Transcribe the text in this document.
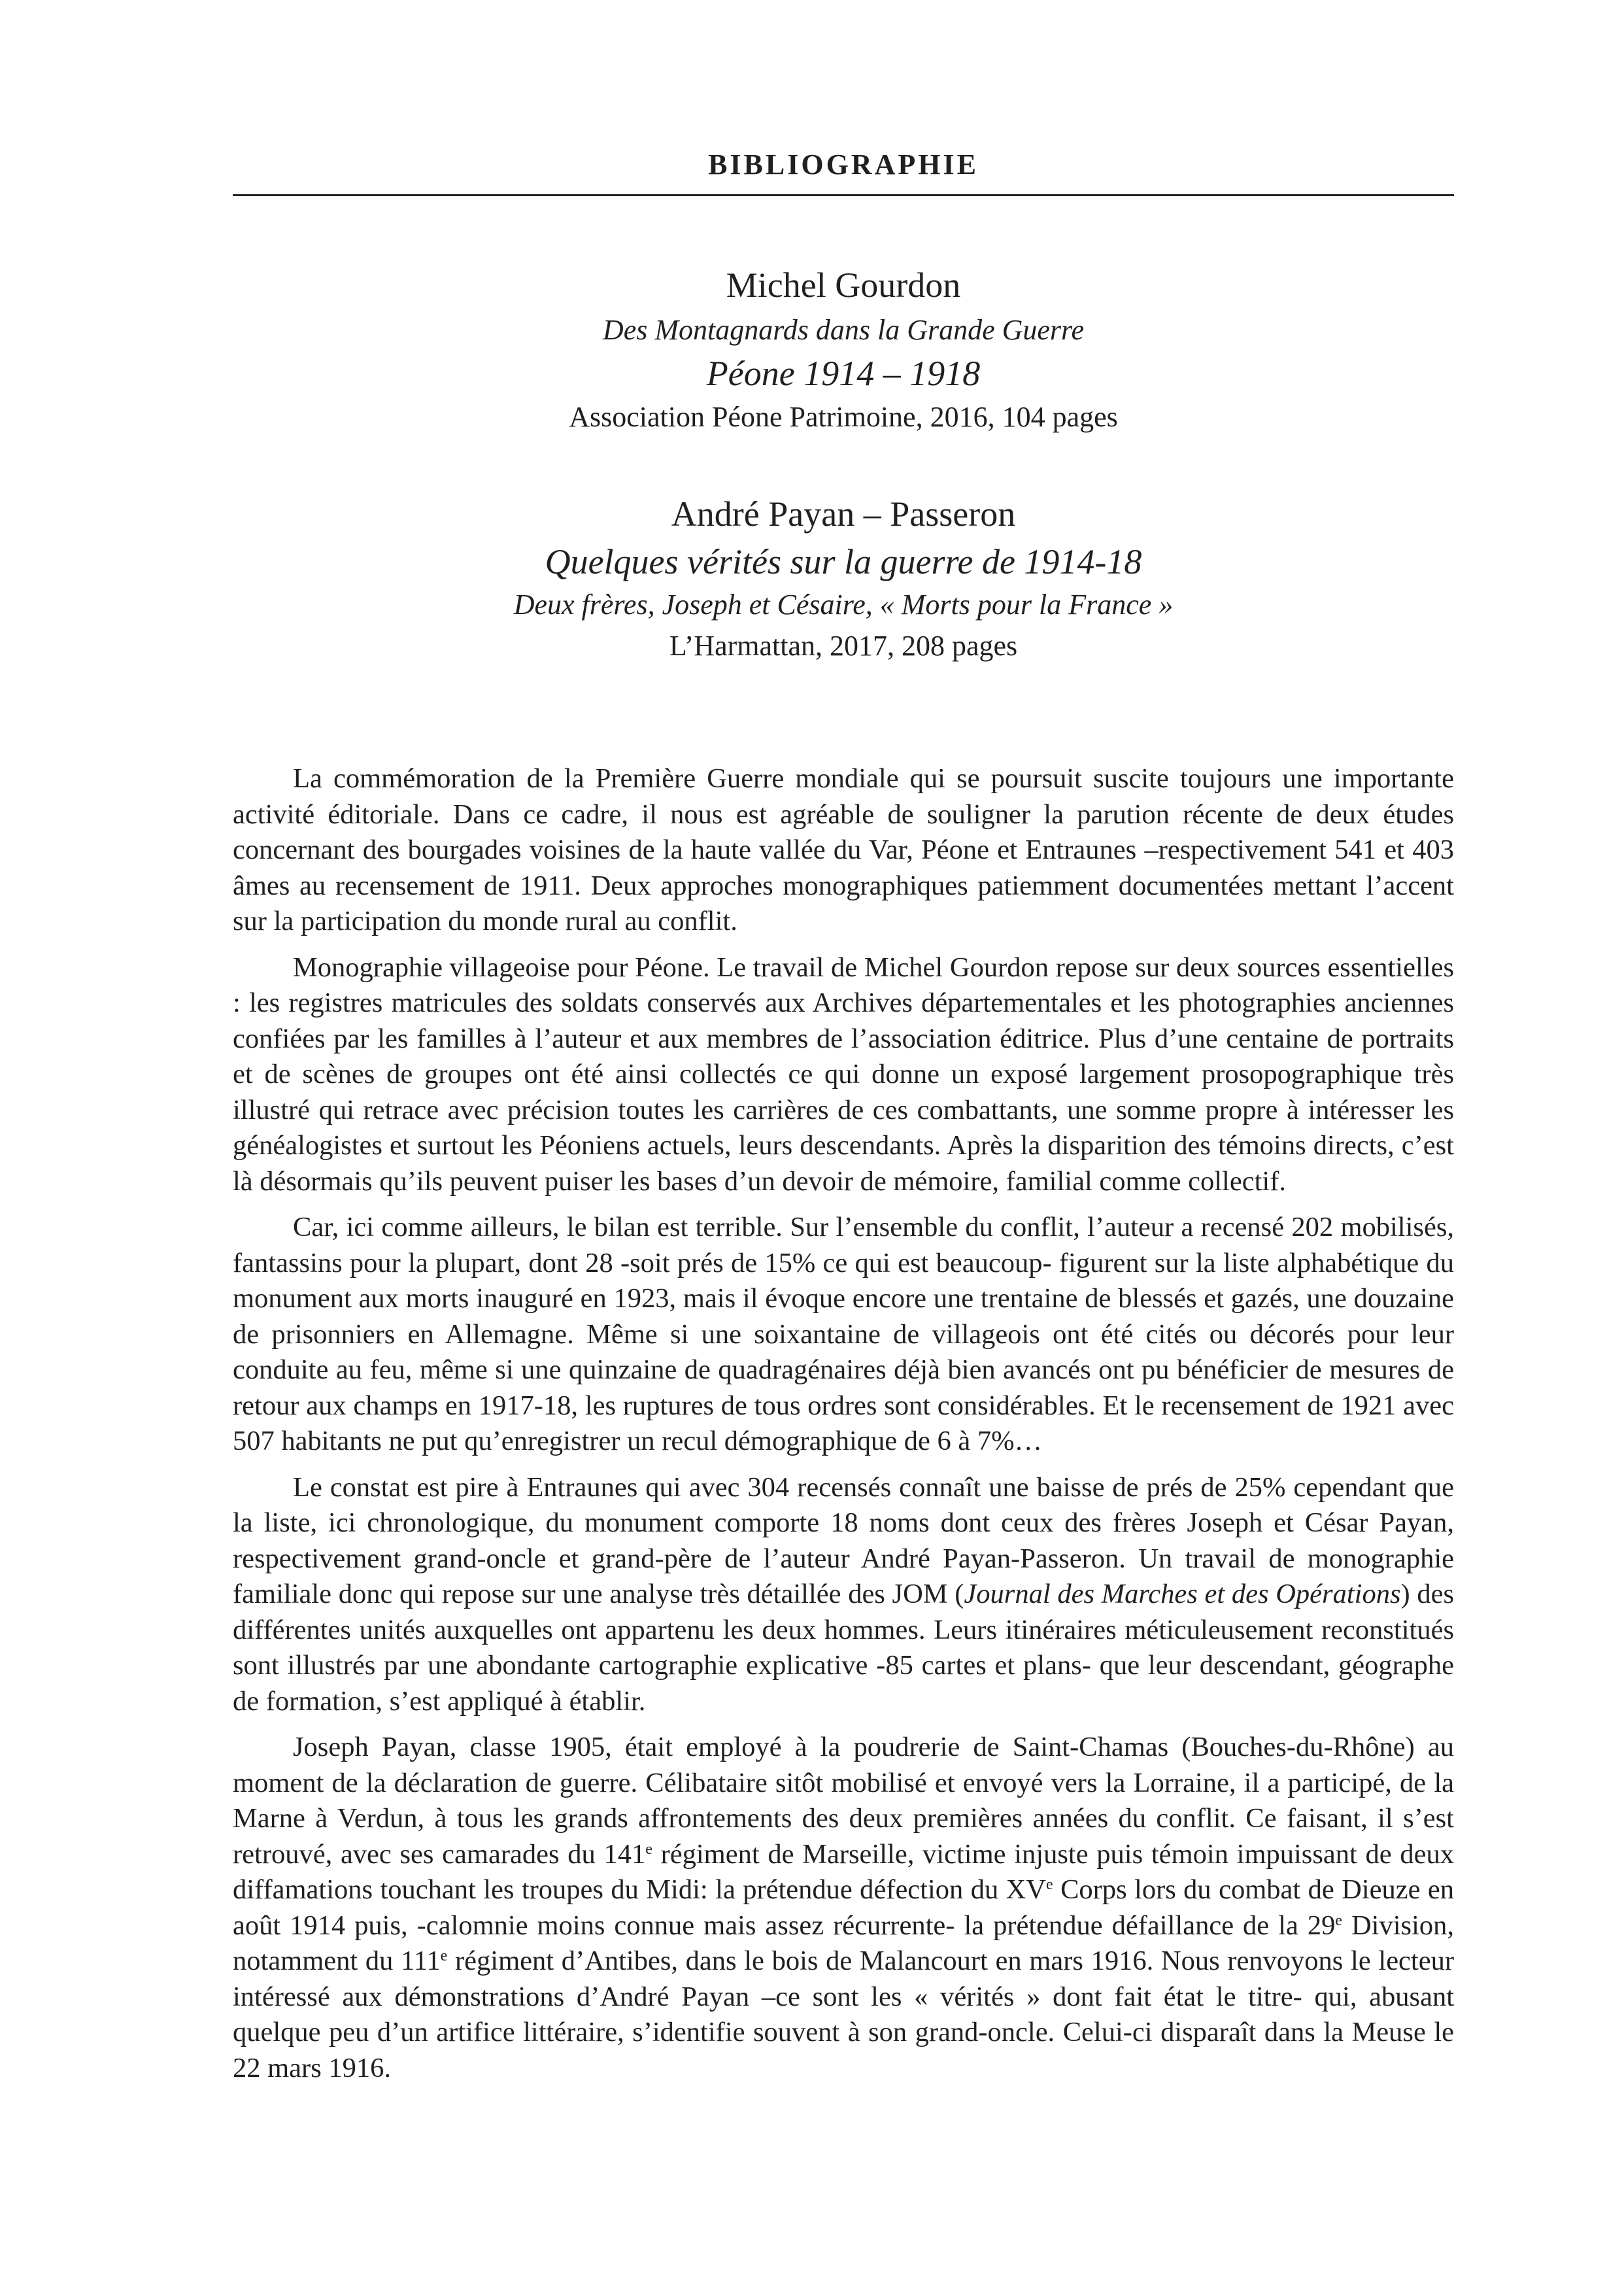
BIBLIOGRAPHIE
Michel Gourdon
Des Montagnards dans la Grande Guerre
Péone 1914 – 1918
Association Péone Patrimoine, 2016, 104 pages
André Payan – Passeron
Quelques vérités sur la guerre de 1914-18
Deux frères, Joseph et Césaire, « Morts pour la France »
L’Harmattan, 2017, 208 pages

La commémoration de la Première Guerre mondiale qui se poursuit suscite toujours une importante activité éditoriale. Dans ce cadre, il nous est agréable de souligner la parution récente de deux études concernant des bourgades voisines de la haute vallée du Var, Péone et Entraunes –respectivement 541 et 403 âmes au recensement de 1911. Deux approches monographiques patiemment documentées mettant l’accent sur la participation du monde rural au conflit.

Monographie villageoise pour Péone. Le travail de Michel Gourdon repose sur deux sources essentielles : les registres matricules des soldats conservés aux Archives départementales et les photographies anciennes confiées par les familles à l’auteur et aux membres de l’association éditrice. Plus d’une centaine de portraits et de scènes de groupes ont été ainsi collectés ce qui donne un exposé largement prosopographique très illustré qui retrace avec précision toutes les carrières de ces combattants, une somme propre à intéresser les généalogistes et surtout les Péoniens actuels, leurs descendants. Après la disparition des témoins directs, c’est là désormais qu’ils peuvent puiser les bases d’un devoir de mémoire, familial comme collectif.

Car, ici comme ailleurs, le bilan est terrible. Sur l’ensemble du conflit, l’auteur a recensé 202 mobilisés, fantassins pour la plupart, dont 28 -soit prés de 15% ce qui est beaucoup- figurent sur la liste alphabétique du monument aux morts inauguré en 1923, mais il évoque encore une trentaine de blessés et gazés, une douzaine de prisonniers en Allemagne. Même si une soixantaine de villageois ont été cités ou décorés pour leur conduite au feu, même si une quinzaine de quadragénaires déjà bien avancés ont pu bénéficier de mesures de retour aux champs en 1917-18, les ruptures de tous ordres sont considérables. Et le recensement de 1921 avec 507 habitants ne put qu’enregistrer un recul démographique de 6 à 7%…

Le constat est pire à Entraunes qui avec 304 recensés connaît une baisse de prés de 25% cependant que la liste, ici chronologique, du monument comporte 18 noms dont ceux des frères Joseph et César Payan, respectivement grand-oncle et grand-père de l’auteur André Payan-Passeron. Un travail de monographie familiale donc qui repose sur une analyse très détaillée des JOM (Journal des Marches et des Opérations) des différentes unités auxquelles ont appartenu les deux hommes. Leurs itinéraires méticuleusement reconstitués sont illustrés par une abondante cartographie explicative -85 cartes et plans- que leur descendant, géographe de formation, s’est appliqué à établir.

Joseph Payan, classe 1905, était employé à la poudrerie de Saint-Chamas (Bouches-du-Rhône) au moment de la déclaration de guerre. Célibataire sitôt mobilisé et envoyé vers la Lorraine, il a participé, de la Marne à Verdun, à tous les grands affrontements des deux premières années du conflit. Ce faisant, il s’est retrouvé, avec ses camarades du 141e régiment de Marseille, victime injuste puis témoin impuissant de deux diffamations touchant les troupes du Midi: la prétendue défection du XVe Corps lors du combat de Dieuze en août 1914 puis, -calomnie moins connue mais assez récurrente- la prétendue défaillance de la 29e Division, notamment du 111e régiment d’Antibes, dans le bois de Malancourt en mars 1916. Nous renvoyons le lecteur intéressé aux démonstrations d’André Payan –ce sont les « vérités » dont fait état le titre- qui, abusant quelque peu d’un artifice littéraire, s’identifie souvent à son grand-oncle. Celui-ci disparaît dans la Meuse le 22 mars 1916.
